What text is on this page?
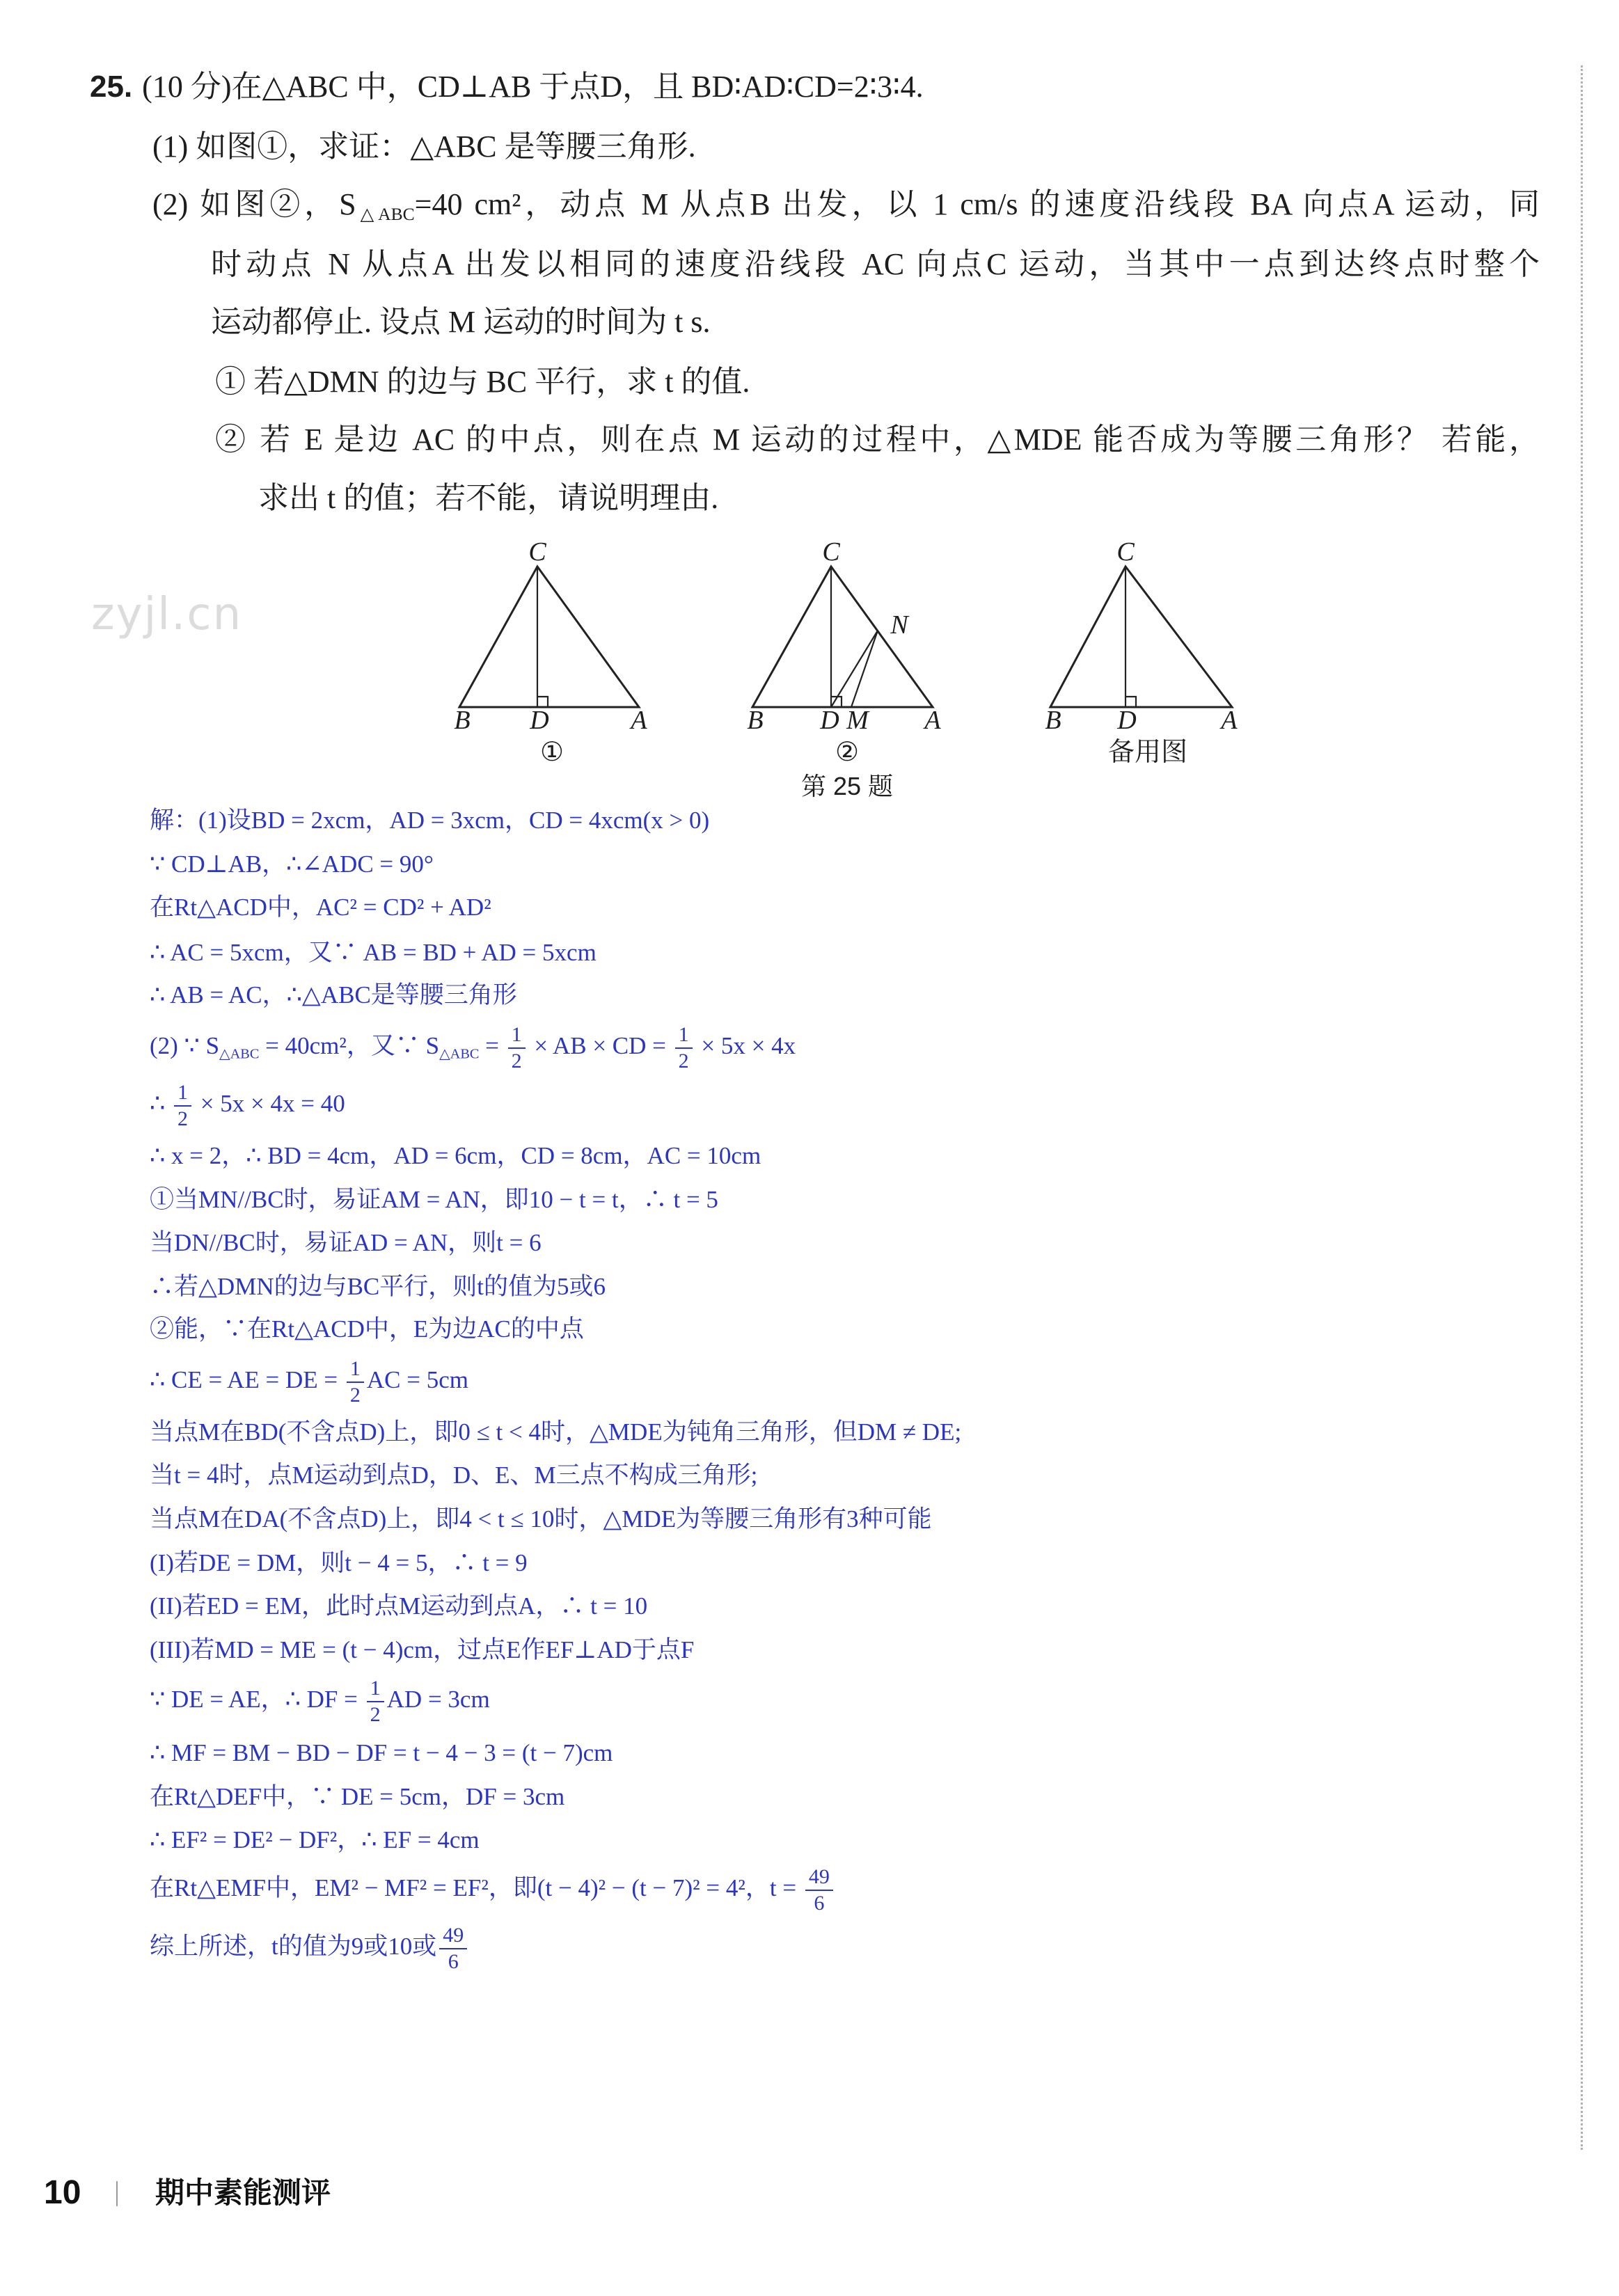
zyjl.cn
25. (10 分)在△ABC 中，CD⊥AB 于点D，且 BD∶AD∶CD=2∶3∶4.
(1) 如图①，求证：△ABC 是等腰三角形.
(2) 如图②，$S_{\triangle ABC}=40$ cm²，动点 M 从点B 出发，以 1 cm/s 的速度沿线段 BA 向点A 运动，同
时动点 N 从点A 出发以相同的速度沿线段 AC 向点C 运动，当其中一点到达终点时整个
运动都停止. 设点 M 运动的时间为 t s.
① 若△DMN 的边与 BC 平行，求 t 的值.
② 若 E 是边 AC 的中点，则在点 M 运动的过程中，△MDE 能否成为等腰三角形？ 若能，
求出 t 的值；若不能，请说明理由.
C
B D	A
①
C
N
B D M A
②
C
B D	A
备用图
第 25 题
解：(1)设BD = 2xcm，AD = 3xcm，CD = 4xcm(x > 0)
∵ CD⊥AB，∴∠ADC = 90°
在Rt△ACD中，AC² = CD² + AD²
∴ AC = 5xcm，又∵ AB = BD + AD = 5xcm
∴ AB = AC，∴△ABC是等腰三角形
(2) ∵ $S_{\triangle ABC} = 40cm^2$，又∵ $S_{\triangle ABC} = \frac{1}{2}$ × AB × CD = $\frac{1}{2} \times 5x \times 4x$
∴ $\frac{1}{2} \times 5x \times 4x = 40$
∴ x = 2，∴ BD = 4cm，AD = 6cm，CD = 8cm，AC = 10cm
①当MN//BC时，易证AM = AN，即10 − t = t，∴ t = 5
当DN//BC时，易证AD = AN，则t = 6
∴若△DMN的边与BC平行，则t的值为5或6
②能，∵在Rt△ACD中，E为边AC的中点
∴ CE = AE = DE = $\frac{1}{2}$ AC = 5cm
当点M在BD(不含点D)上，即0 ≤ t < 4时，△MDE为钝角三角形，但DM ≠ DE;
当t = 4时，点M运动到点D，D、E、M三点不构成三角形;
当点M在DA(不含点D)上，即4 < t ≤ 10时，△MDE为等腰三角形有3种可能
(I)若DE = DM，则t − 4 = 5，∴ t = 9
(II)若ED = EM，此时点M运动到点A，∴ t = 10
(III)若MD = ME = (t − 4)cm，过点E作EF⊥AD于点F
∵ DE = AE，∴ DF = $\frac{1}{2}$ AD = 3cm
∴ MF = BM − BD − DF = t − 4 − 3 = (t − 7)cm
在Rt△DEF中，∵ DE = 5cm，DF = 3cm
∴ EF² = DE² − DF²，∴ EF = 4cm
在Rt△EMF中，EM² − MF² = EF²，即(t − 4)² − (t − 7)² = 4²，$t = \frac{49}{6}$
综上所述，t的值为9或10或 $\frac{49}{6}$
10	期中素能测评
